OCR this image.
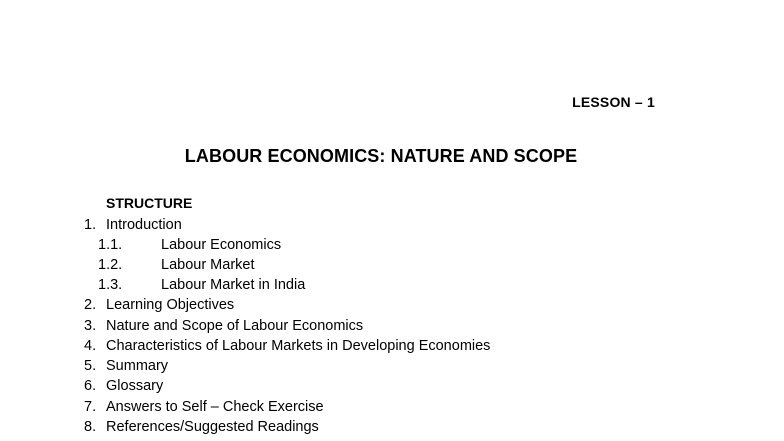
LESSON – 1
LABOUR ECONOMICS: NATURE AND SCOPE
STRUCTURE
1. Introduction
1.1.	Labour Economics
1.2.	Labour Market
1.3.	Labour Market in India
2. Learning Objectives
3. Nature and Scope of Labour Economics
4. Characteristics of Labour Markets in Developing Economies
5. Summary
6. Glossary
7. Answers to Self – Check Exercise
8. References/Suggested Readings
